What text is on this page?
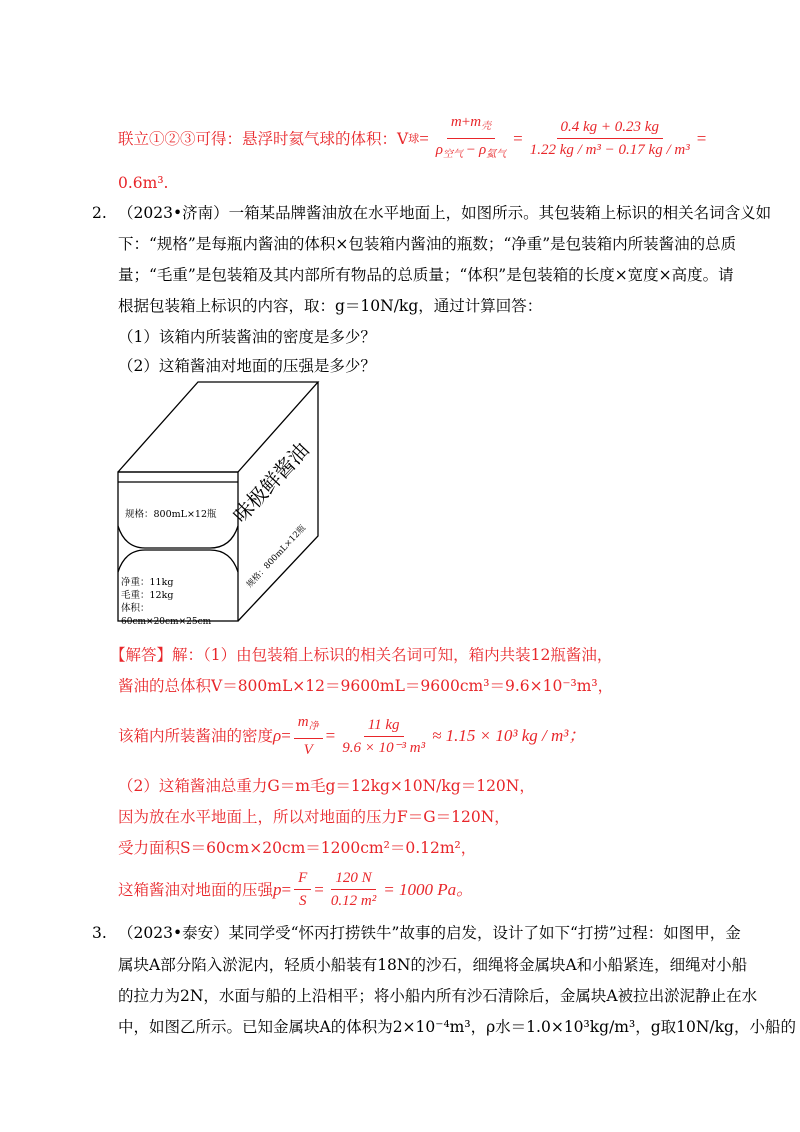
联立①②③可得：悬浮时氦气球的体积：V 球 = $\frac{m+m_壳}{\rho_{空气} - \rho_{氦气}} = \frac{0.4 kg + 0.23 kg}{\text{1.22 kg / m³ − 0.17 kg / m³}}$ =
0.6m³.
2. （2023•济南）一箱某品牌酱油放在水平地面上，如图所示。其包装箱上标识的相关名词含义如
下：“规格”是每瓶内酱油的体积×包装箱内酱油的瓶数；“净重”是包装箱内所装酱油的总质
量；“毛重”是包装箱及其内部所有物品的总质量；“体积”是包装箱的长度×宽度×高度。请
根据包装箱上标识的内容，取：g＝10N/kg，通过计算回答：
（1）该箱内所装酱油的密度是多少？
（2）这箱酱油对地面的压强是多少？
味极鲜酱油
规格：800mL×12瓶
规格：800mL×12瓶
净重：11kg
毛重：12kg
体积：
60cm×20cm×25cm
【解答】解：（1）由包装箱上标识的相关名词可知，箱内共装12瓶酱油，
酱油的总体积V＝800mL×12＝9600mL＝9600cm³＝9.6×10⁻³m³，
该箱内所装酱油的密度 $\rho = \frac{m_净}{V} = \frac{11 kg}{\text{9.6 × 10⁻³ m³}} \approx 1.15 \times 10^3$ kg / m³；
（2）这箱酱油总重力G＝m毛g＝12kg×10N/kg＝120N，
因为放在水平地面上，所以对地面的压力F＝G＝120N，
受力面积S＝60cm×20cm＝1200cm²＝0.12m²，
这箱酱油对地面的压强 $p = \frac{F}{S} = \frac{120 N}{\text{0.12 m²}} = 1000$ Pa。
3. （2023•泰安）某同学受“怀丙打捞铁牛”故事的启发，设计了如下“打捞”过程：如图甲，金
属块A部分陷入淤泥内，轻质小船装有18N的沙石，细绳将金属块A和小船紧连，细绳对小船
的拉力为2N，水面与船的上沿相平；将小船内所有沙石清除后，金属块A被拉出淤泥静止在水
中，如图乙所示。已知金属块A的体积为2×10⁻⁴m³，ρ水＝1.0×10³kg/m³，g取10N/kg，小船的
